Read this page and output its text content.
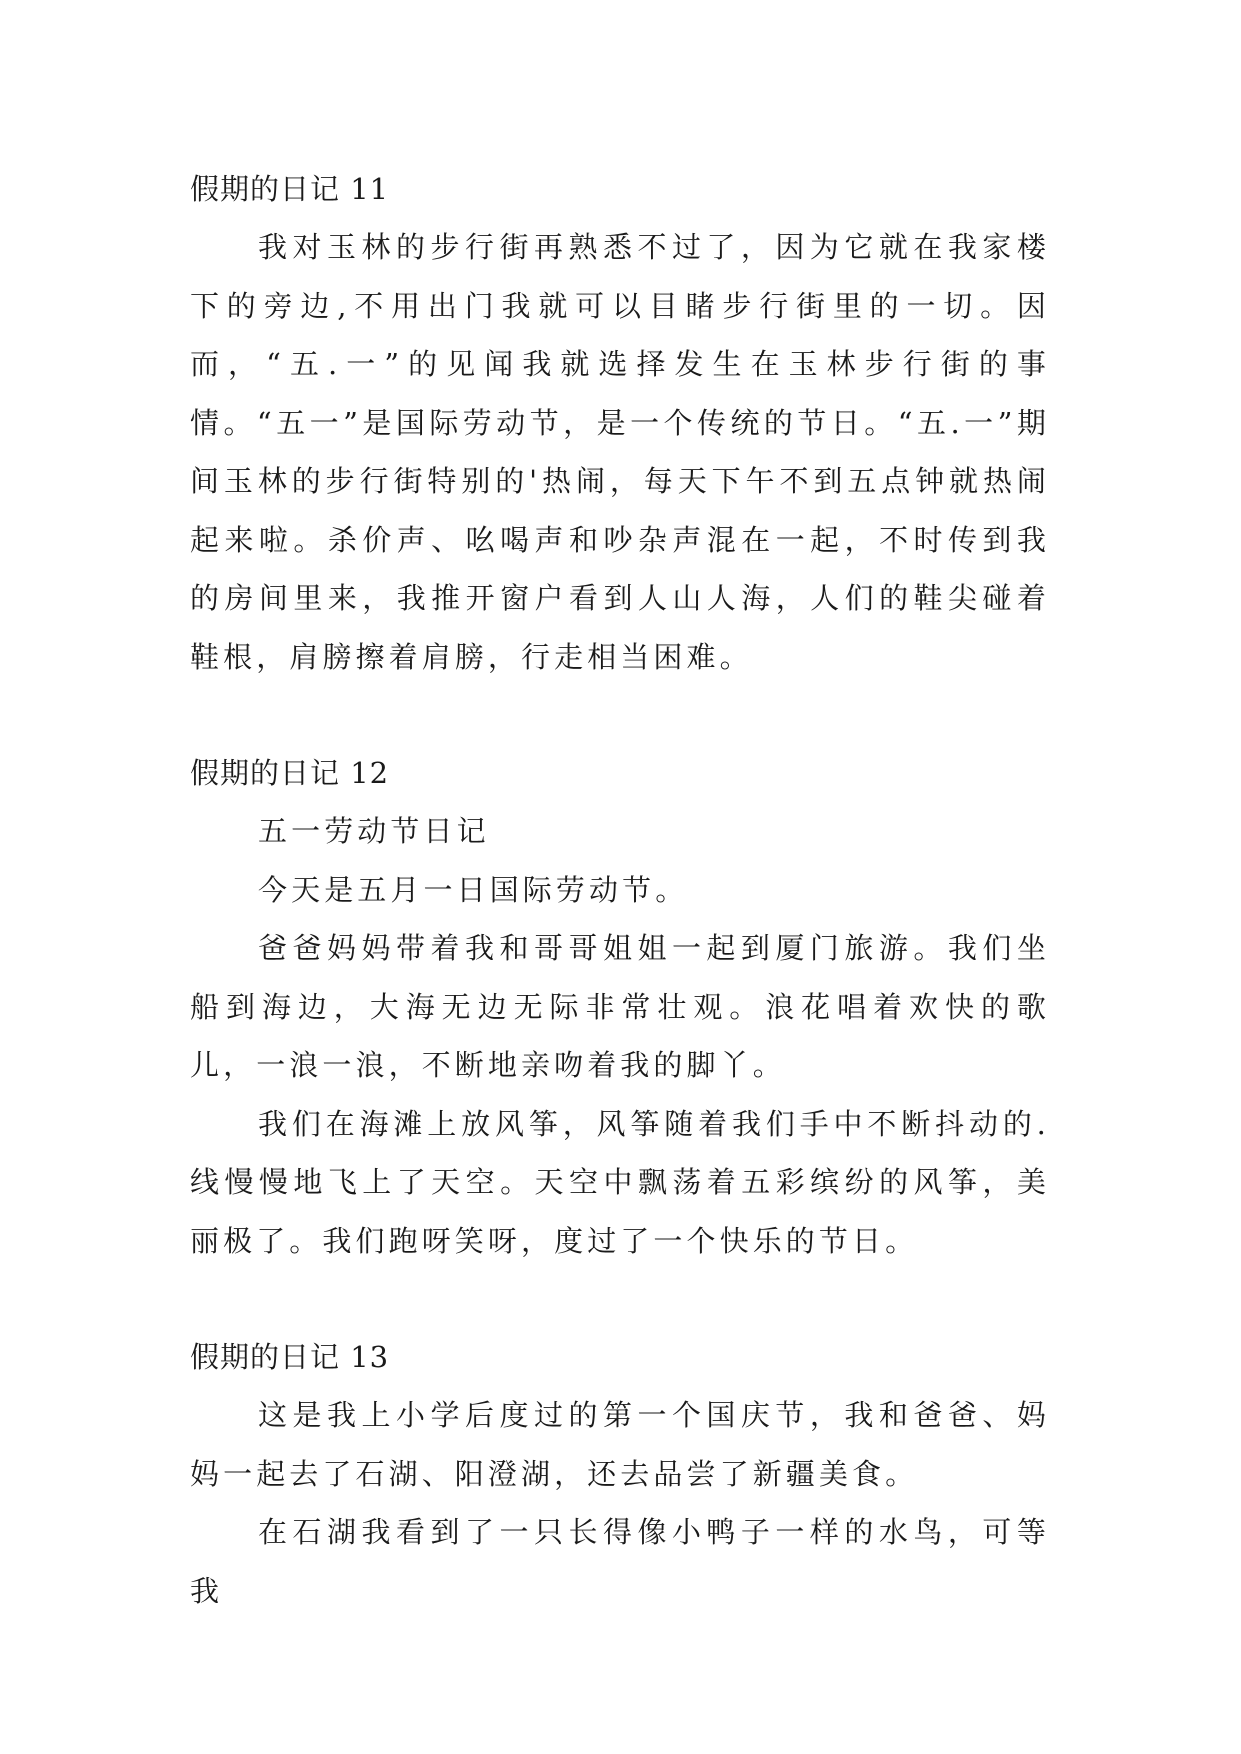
假期的日记 11

我对玉林的步行街再熟悉不过了，因为它就在我家楼下的旁边,不用出门我就可以目睹步行街里的一切。因而，“五.一”的见闻我就选择发生在玉林步行街的事情。“五一”是国际劳动节，是一个传统的节日。“五.一”期间玉林的步行街特别的'热闹，每天下午不到五点钟就热闹起来啦。杀价声、吆喝声和吵杂声混在一起，不时传到我的房间里来，我推开窗户看到人山人海，人们的鞋尖碰着鞋根，肩膀擦着肩膀，行走相当困难。

假期的日记 12

五一劳动节日记

今天是五月一日国际劳动节。

爸爸妈妈带着我和哥哥姐姐一起到厦门旅游。我们坐船到海边，大海无边无际非常壮观。浪花唱着欢快的歌儿，一浪一浪，不断地亲吻着我的脚丫。

我们在海滩上放风筝，风筝随着我们手中不断抖动的.线慢慢地飞上了天空。天空中飘荡着五彩缤纷的风筝，美丽极了。我们跑呀笑呀，度过了一个快乐的节日。

假期的日记 13

这是我上小学后度过的第一个国庆节，我和爸爸、妈妈一起去了石湖、阳澄湖，还去品尝了新疆美食。

在石湖我看到了一只长得像小鸭子一样的水鸟，可等我
